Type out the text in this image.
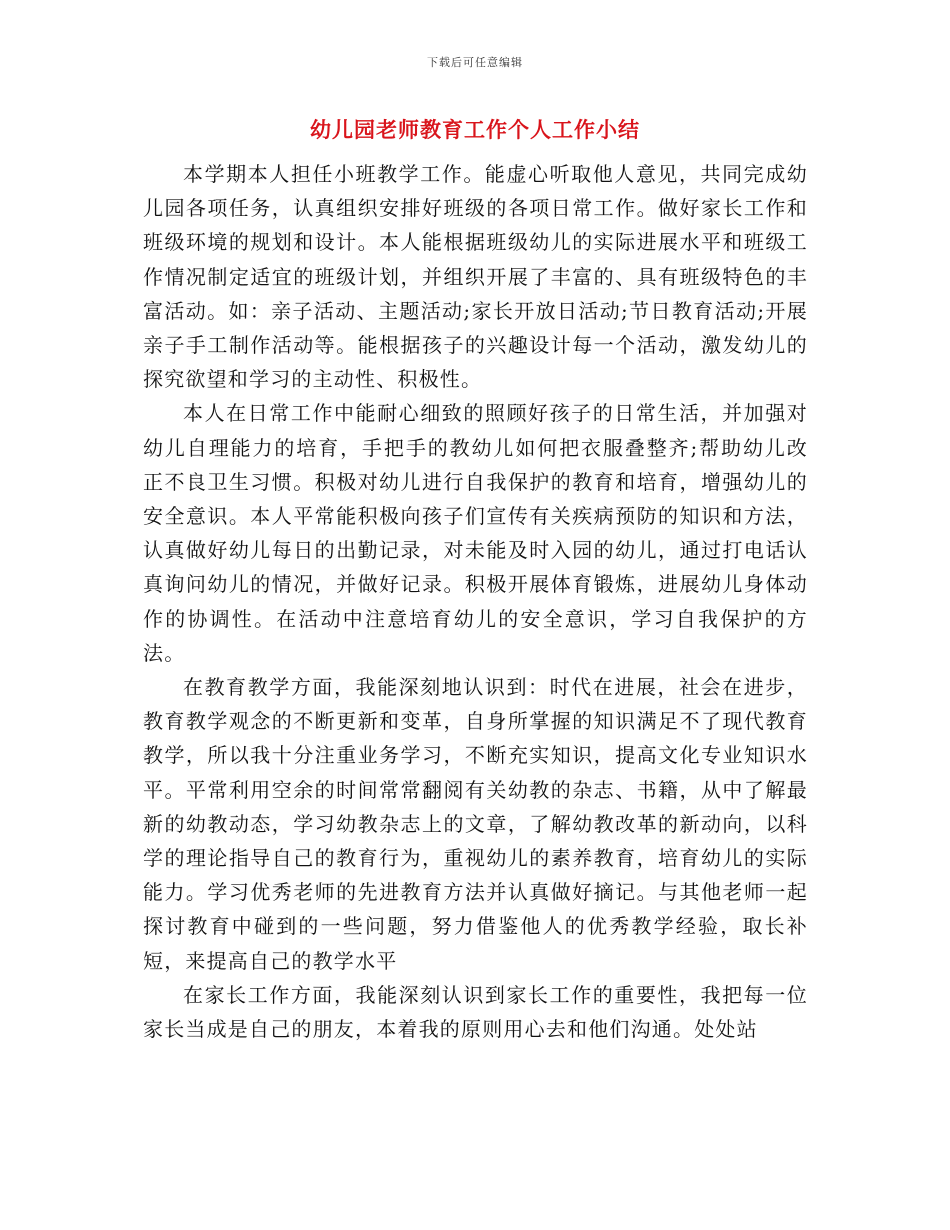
下载后可任意编辑
幼儿园老师教育工作个人工作小结

本学期本人担任小班教学工作。能虚心听取他人意见，共同完成幼儿园各项任务，认真组织安排好班级的各项日常工作。做好家长工作和班级环境的规划和设计。本人能根据班级幼儿的实际进展水平和班级工作情况制定适宜的班级计划，并组织开展了丰富的、具有班级特色的丰富活动。如：亲子活动、主题活动;家长开放日活动;节日教育活动;开展亲子手工制作活动等。能根据孩子的兴趣设计每一个活动，激发幼儿的探究欲望和学习的主动性、积极性。

本人在日常工作中能耐心细致的照顾好孩子的日常生活，并加强对幼儿自理能力的培育，手把手的教幼儿如何把衣服叠整齐;帮助幼儿改正不良卫生习惯。积极对幼儿进行自我保护的教育和培育，增强幼儿的安全意识。本人平常能积极向孩子们宣传有关疾病预防的知识和方法，认真做好幼儿每日的出勤记录，对未能及时入园的幼儿，通过打电话认真询问幼儿的情况，并做好记录。积极开展体育锻炼，进展幼儿身体动作的协调性。在活动中注意培育幼儿的安全意识，学习自我保护的方法。

在教育教学方面，我能深刻地认识到：时代在进展，社会在进步，教育教学观念的不断更新和变革，自身所掌握的知识满足不了现代教育教学，所以我十分注重业务学习，不断充实知识，提高文化专业知识水平。平常利用空余的时间常常翻阅有关幼教的杂志、书籍，从中了解最新的幼教动态，学习幼教杂志上的文章，了解幼教改革的新动向，以科学的理论指导自己的教育行为，重视幼儿的素养教育，培育幼儿的实际能力。学习优秀老师的先进教育方法并认真做好摘记。与其他老师一起探讨教育中碰到的一些问题，努力借鉴他人的优秀教学经验，取长补短，来提高自己的教学水平

在家长工作方面，我能深刻认识到家长工作的重要性，我把每一位家长当成是自己的朋友，本着我的原则用心去和他们沟通。处处站
